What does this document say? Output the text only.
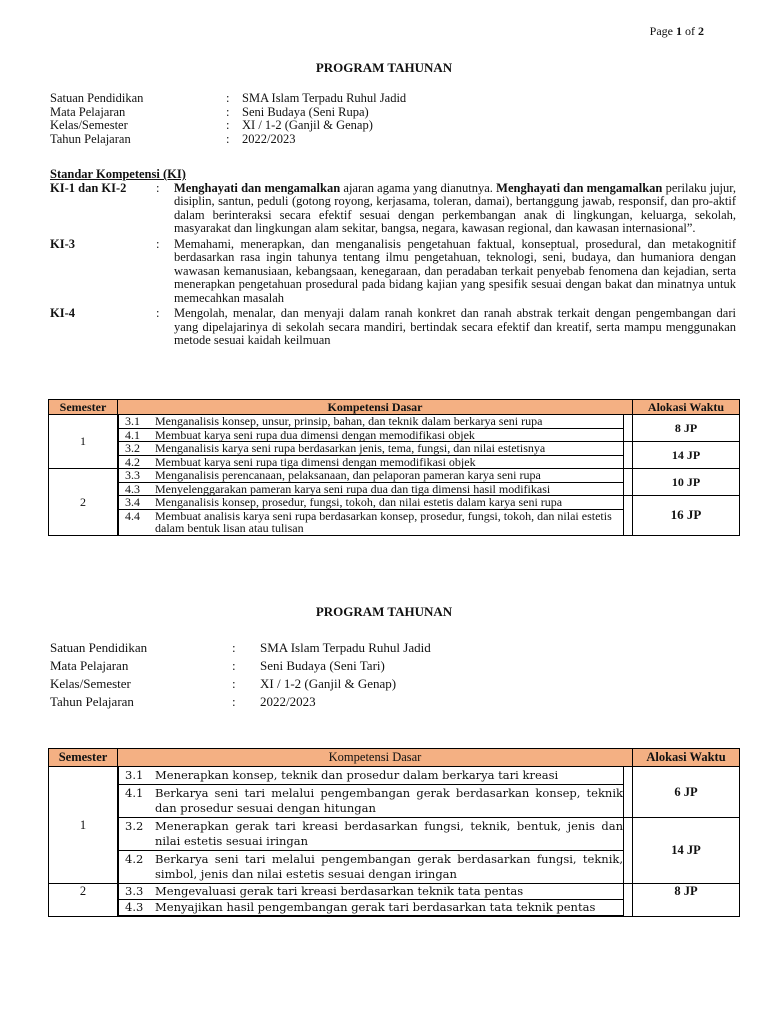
Page 1 of 2
PROGRAM TAHUNAN
Satuan Pendidikan	:	SMA Islam Terpadu Ruhul Jadid
Mata Pelajaran	:	Seni Budaya (Seni Rupa)
Kelas/Semester	:	XI / 1-2 (Ganjil & Genap)
Tahun Pelajaran	:	2022/2023
Standar Kompetensi (KI)
KI-1 dan KI-2	:	Menghayati dan mengamalkan ajaran agama yang dianutnya. Menghayati dan mengamalkan perilaku jujur, disiplin, santun, peduli (gotong royong, kerjasama, toleran, damai), bertanggung jawab, responsif, dan pro-aktif dalam berinteraksi secara efektif sesuai dengan perkembangan anak di lingkungan, keluarga, sekolah, masyarakat dan lingkungan alam sekitar, bangsa, negara, kawasan regional, dan kawasan internasional”.
KI-3	:	Memahami, menerapkan, dan menganalisis pengetahuan faktual, konseptual, prosedural, dan metakognitif berdasarkan rasa ingin tahunya tentang ilmu pengetahuan, teknologi, seni, budaya, dan humaniora dengan wawasan kemanusiaan, kebangsaan, kenegaraan, dan peradaban terkait penyebab fenomena dan kejadian, serta menerapkan pengetahuan prosedural pada bidang kajian yang spesifik sesuai dengan bakat dan minatnya untuk memecahkan masalah
KI-4	:	Mengolah, menalar, dan menyaji dalam ranah konkret dan ranah abstrak terkait dengan pengembangan dari yang dipelajarinya di sekolah secara mandiri, bertindak secara efektif dan kreatif, serta mampu menggunakan metode sesuai kaidah keilmuan
Semester	Kompetensi Dasar	Alokasi Waktu
1	3.1 Menganalisis konsep, unsur, prinsip, bahan, dan teknik dalam berkarya seni rupa
4.1 Membuat karya seni rupa dua dimensi dengan memodifikasi objek	8 JP

	3.2 Menganalisis karya seni rupa berdasarkan jenis, tema, fungsi, dan nilai estetisnya
4.2 Membuat karya seni rupa tiga dimensi dengan memodifikasi objek	14 JP
2	3.3 Menganalisis perencanaan, pelaksanaan, dan pelaporan pameran karya seni rupa
4.3 Menyelenggarakan pameran karya seni rupa dua dan tiga dimensi hasil modifikasi	10 JP

	3.4 Menganalisis konsep, prosedur, fungsi, tokoh, dan nilai estetis dalam karya seni rupa
4.4 Membuat analisis karya seni rupa berdasarkan konsep, prosedur, fungsi, tokoh, dan nilai estetis dalam bentuk lisan atau tulisan	16 JP
PROGRAM TAHUNAN
Satuan Pendidikan	:	SMA Islam Terpadu Ruhul Jadid
Mata Pelajaran	:	Seni Budaya (Seni Tari)
Kelas/Semester	:	XI / 1-2 (Ganjil & Genap)
Tahun Pelajaran	:	2022/2023
Semester	Kompetensi Dasar	Alokasi Waktu
1	3.1 Menerapkan konsep, teknik dan prosedur dalam berkarya tari kreasi
4.1 Berkarya seni tari melalui pengembangan gerak berdasarkan konsep, teknik dan prosedur sesuai dengan hitungan	6 JP

	3.2 Menerapkan gerak tari kreasi berdasarkan fungsi, teknik, bentuk, jenis dan nilai estetis sesuai iringan
4.2 Berkarya seni tari melalui pengembangan gerak berdasarkan fungsi, teknik, simbol, jenis dan nilai estetis sesuai dengan iringan	14 JP
2	3.3 Mengevaluasi gerak tari kreasi berdasarkan teknik tata pentas
4.3 Menyajikan hasil pengembangan gerak tari berdasarkan tata teknik pentas	8 JP
